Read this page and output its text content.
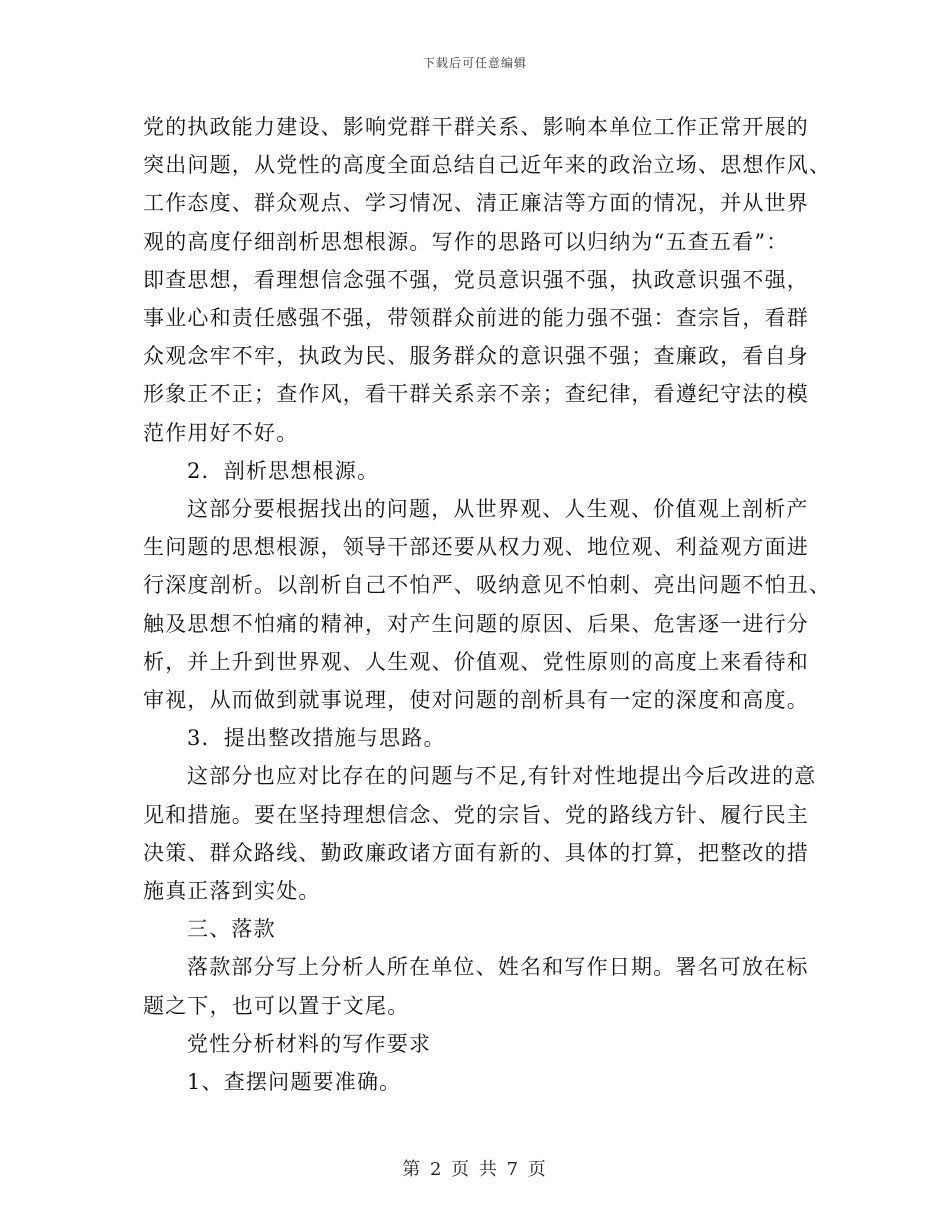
下载后可任意编辑

党的执政能力建设、影响党群干群关系、影响本单位工作正常开展的
突出问题，从党性的高度全面总结自己近年来的政治立场、思想作风、
工作态度、群众观点、学习情况、清正廉洁等方面的情况，并从世界
观的高度仔细剖析思想根源。写作的思路可以归纳为“五查五看”：
即查思想，看理想信念强不强，党员意识强不强，执政意识强不强，
事业心和责任感强不强，带领群众前进的能力强不强：查宗旨，看群
众观念牢不牢，执政为民、服务群众的意识强不强；查廉政，看自身
形象正不正；查作风，看干群关系亲不亲；查纪律，看遵纪守法的模
范作用好不好。

2．剖析思想根源。

这部分要根据找出的问题，从世界观、人生观、价值观上剖析产
生问题的思想根源，领导干部还要从权力观、地位观、利益观方面进
行深度剖析。以剖析自己不怕严、吸纳意见不怕刺、亮出问题不怕丑、
触及思想不怕痛的精神，对产生问题的原因、后果、危害逐一进行分
析，并上升到世界观、人生观、价值观、党性原则的高度上来看待和
审视，从而做到就事说理，使对问题的剖析具有一定的深度和高度。

3．提出整改措施与思路。

这部分也应对比存在的问题与不足,有针对性地提出今后改进的意
见和措施。要在坚持理想信念、党的宗旨、党的路线方针、履行民主
决策、群众路线、勤政廉政诸方面有新的、具体的打算，把整改的措
施真正落到实处。

三、落款

落款部分写上分析人所在单位、姓名和写作日期。署名可放在标
题之下，也可以置于文尾。

党性分析材料的写作要求

1、查摆问题要准确。

第 2 页 共 7 页
